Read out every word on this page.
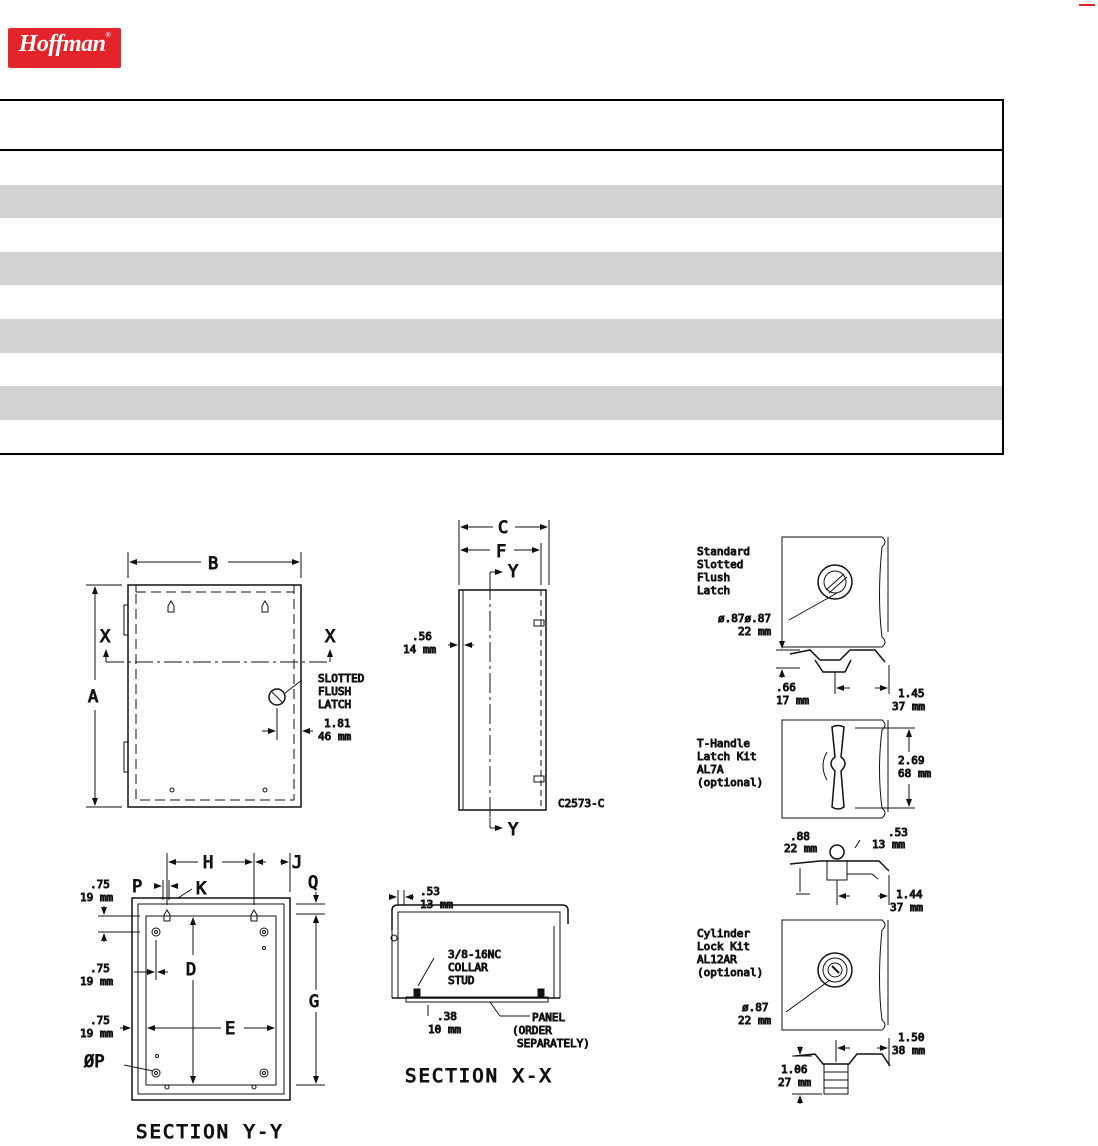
Hoffman®
B
A
X	X
SLOTTED
FLUSH
LATCH
1.81
46 mm
C
F
Y
Y
.56
14 mm
C2573-C
H	J
P	K	Q
D
E
G
ØP
.75
19 mm
.75
19 mm
.75
19 mm
SECTION Y-Y
.53
13 mm
3/8-16NC
COLLAR
STUD
.38
10 mm
PANEL
(ORDER
SEPARATELY)
SECTION X-X
Standard
Slotted
Flush
Latch
ø.87ø.87
22 mm
.66
17 mm
1.45
37 mm
T-Handle
Latch Kit
AL7A
(optional)
2.69
68 mm
.88
22 mm
.53
13 mm
1.44
37 mm
Cylinder
Lock Kit
AL12AR
(optional)
ø.87
22 mm
1.50
38 mm
1.06
27 mm
